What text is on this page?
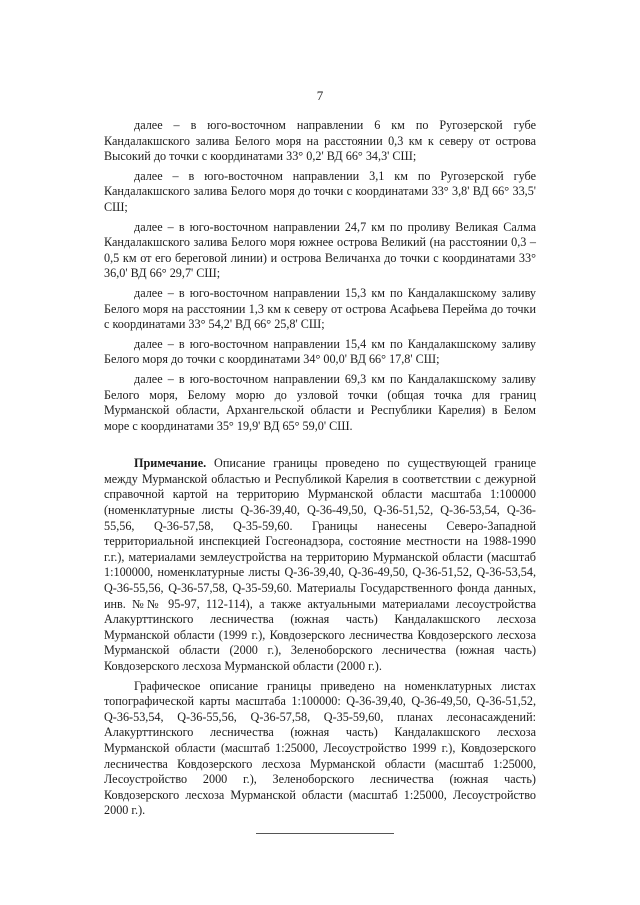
7

далее – в юго-восточном направлении 6 км по Ругозерской губе Кандалакшского залива Белого моря на расстоянии 0,3 км к северу от острова Высокий до точки с координатами 33° 0,2' ВД 66° 34,3' СШ;

далее – в юго-восточном направлении 3,1 км по Ругозерской губе Кандалакшского залива Белого моря до точки с координатами 33° 3,8' ВД 66° 33,5' СШ;

далее – в юго-восточном направлении 24,7 км по проливу Великая Салма Кандалакшского залива Белого моря южнее острова Великий (на расстоянии 0,3 – 0,5 км от его береговой линии) и острова Величанха до точки с координатами 33° 36,0' ВД 66° 29,7' СШ;

далее – в юго-восточном направлении 15,3 км по Кандалакшскому заливу Белого моря на расстоянии 1,3 км к северу от острова Асафьева Перейма до точки с координатами 33° 54,2' ВД 66° 25,8' СШ;

далее – в юго-восточном направлении 15,4 км по Кандалакшскому заливу Белого моря до точки с координатами 34° 00,0' ВД 66° 17,8' СШ;

далее – в юго-восточном направлении 69,3 км по Кандалакшскому заливу Белого моря, Белому морю до узловой точки (общая точка для границ Мурманской области, Архангельской области и Республики Карелия) в Белом море с координатами 35° 19,9' ВД 65° 59,0' СШ.

Примечание. Описание границы проведено по существующей границе между Мурманской областью и Республикой Карелия в соответствии с дежурной справочной картой на территорию Мурманской области масштаба 1:100000 (номенклатурные листы Q-36-39,40, Q-36-49,50, Q-36-51,52, Q-36-53,54, Q-36-55,56, Q-36-57,58, Q-35-59,60. Границы нанесены Северо-Западной территориальной инспекцией Госгеонадзора, состояние местности на 1988-1990 г.г.), материалами землеустройства на территорию Мурманской области (масштаб 1:100000, номенклатурные листы Q-36-39,40, Q-36-49,50, Q-36-51,52, Q-36-53,54, Q-36-55,56, Q-36-57,58, Q-35-59,60. Материалы Государственного фонда данных, инв. №№ 95-97, 112-114), а также актуальными материалами лесоустройства Алакурттинского лесничества (южная часть) Кандалакшского лесхоза Мурманской области (1999 г.), Ковдозерского лесничества Ковдозерского лесхоза Мурманской области (2000 г.), Зеленоборского лесничества (южная часть) Ковдозерского лесхоза Мурманской области (2000 г.).

Графическое описание границы приведено на номенклатурных листах топографической карты масштаба 1:100000: Q-36-39,40, Q-36-49,50, Q-36-51,52, Q-36-53,54, Q-36-55,56, Q-36-57,58, Q-35-59,60, планах лесонасаждений: Алакурттинского лесничества (южная часть) Кандалакшского лесхоза Мурманской области (масштаб 1:25000, Лесоустройство 1999 г.), Ковдозерского лесничества Ковдозерского лесхоза Мурманской области (масштаб 1:25000, Лесоустройство 2000 г.), Зеленоборского лесничества (южная часть) Ковдозерского лесхоза Мурманской области (масштаб 1:25000, Лесоустройство 2000 г.).
